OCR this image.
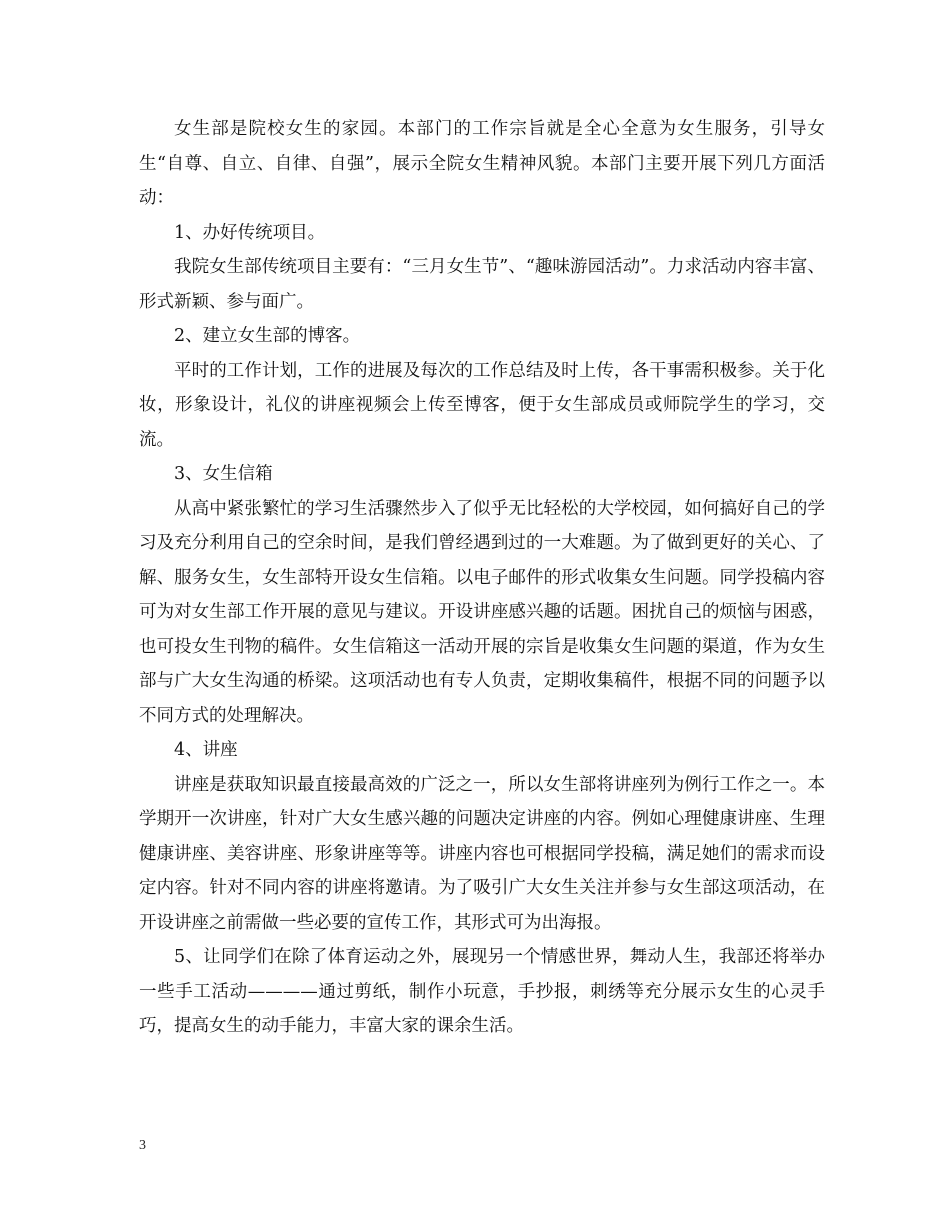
女生部是院校女生的家园。本部门的工作宗旨就是全心全意为女生服务，引导女生“自尊、自立、自律、自强”，展示全院女生精神风貌。本部门主要开展下列几方面活动：

1、办好传统项目。

我院女生部传统项目主要有：“三月女生节”、“趣味游园活动”。力求活动内容丰富、形式新颖、参与面广。

2、建立女生部的博客。

平时的工作计划，工作的进展及每次的工作总结及时上传，各干事需积极参。关于化妆，形象设计，礼仪的讲座视频会上传至博客，便于女生部成员或师院学生的学习，交流。

3、女生信箱

从高中紧张繁忙的学习生活骤然步入了似乎无比轻松的大学校园，如何搞好自己的学习及充分利用自己的空余时间，是我们曾经遇到过的一大难题。为了做到更好的关心、了解、服务女生，女生部特开设女生信箱。以电子邮件的形式收集女生问题。同学投稿内容可为对女生部工作开展的意见与建议。开设讲座感兴趣的话题。困扰自己的烦恼与困惑，也可投女生刊物的稿件。女生信箱这一活动开展的宗旨是收集女生问题的渠道，作为女生部与广大女生沟通的桥梁。这项活动也有专人负责，定期收集稿件，根据不同的问题予以不同方式的处理解决。

4、讲座

讲座是获取知识最直接最高效的广泛之一，所以女生部将讲座列为例行工作之一。本学期开一次讲座，针对广大女生感兴趣的问题决定讲座的内容。例如心理健康讲座、生理健康讲座、美容讲座、形象讲座等等。讲座内容也可根据同学投稿，满足她们的需求而设定内容。针对不同内容的讲座将邀请。为了吸引广大女生关注并参与女生部这项活动，在开设讲座之前需做一些必要的宣传工作，其形式可为出海报。

5、让同学们在除了体育运动之外，展现另一个情感世界，舞动人生，我部还将举办一些手工活动————通过剪纸，制作小玩意，手抄报，刺绣等充分展示女生的心灵手巧，提高女生的动手能力，丰富大家的课余生活。

3
